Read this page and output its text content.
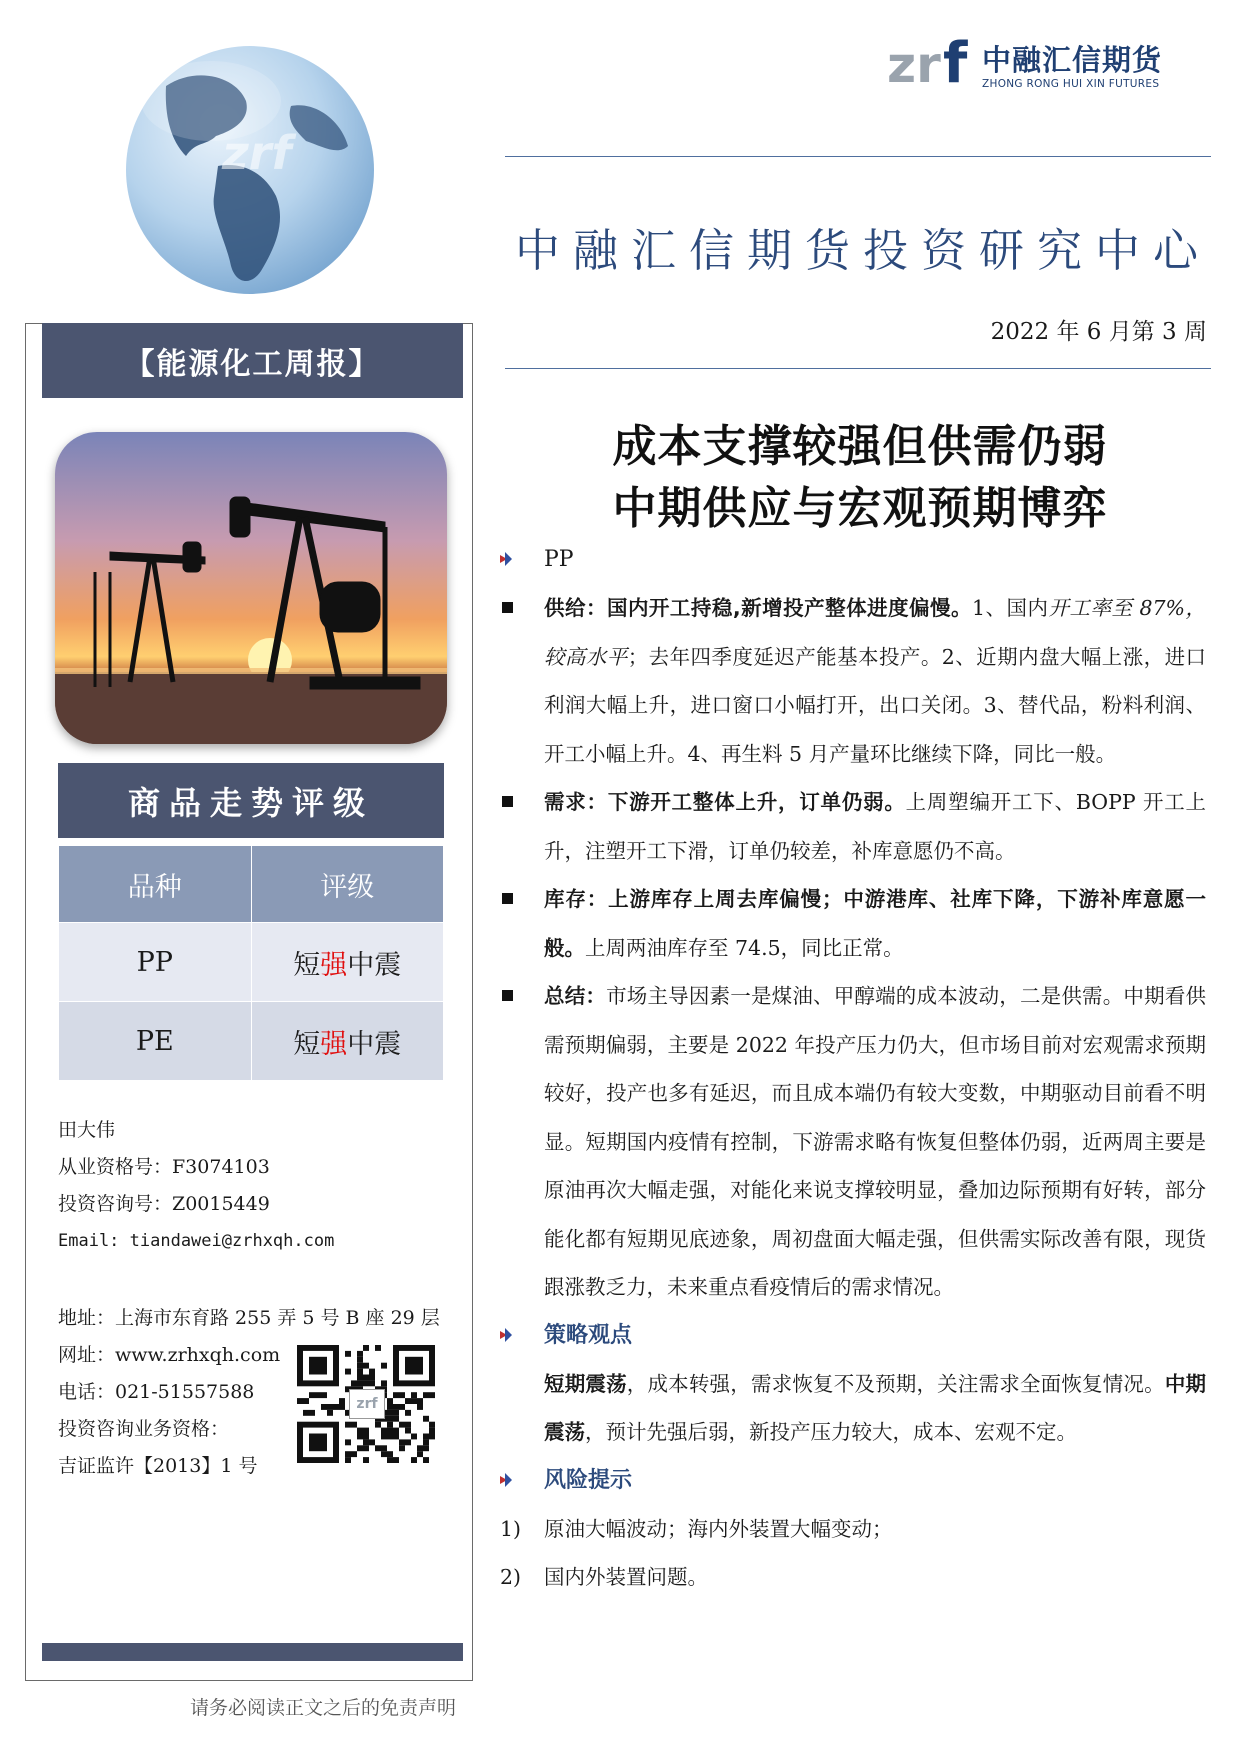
zrf
zr f 中融汇信期货
ZHONG RONG HUI XIN FUTURES
中融汇信期货投资研究中心
2022 年 6 月第 3 周
成本支撑较强但供需仍弱
中期供应与宏观预期博弈
【能源化工周报】
商品走势评级
品种	评级
PP	短强中震
PE	短强中震
田大伟
从业资格号：F3074103
投资咨询号：Z0015449
Email: tiandawei@zrhxqh.com
地址：上海市东育路 255 弄 5 号 B 座 29 层
网址：www.zrhxqh.com
电话：021-51557588
投资咨询业务资格：
吉证监许【2013】1 号
zrf
请务必阅读正文之后的免责声明
PP
供给：国内开工持稳,新增投产整体进度偏慢。1、国内开工率至 87%，较高水平；去年四季度延迟产能基本投产。2、近期内盘大幅上涨，进口利润大幅上升，进口窗口小幅打开，出口关闭。3、替代品，粉料利润、开工小幅上升。4、再生料 5 月产量环比继续下降，同比一般。
需求：下游开工整体上升，订单仍弱。上周塑编开工下、BOPP 开工上升，注塑开工下滑，订单仍较差，补库意愿仍不高。
库存：上游库存上周去库偏慢；中游港库、社库下降，下游补库意愿一般。上周两油库存至 74.5，同比正常。
总结：市场主导因素一是煤油、甲醇端的成本波动，二是供需。中期看供需预期偏弱，主要是 2022 年投产压力仍大，但市场目前对宏观需求预期较好，投产也多有延迟，而且成本端仍有较大变数，中期驱动目前看不明显。短期国内疫情有控制，下游需求略有恢复但整体仍弱，近两周主要是原油再次大幅走强，对能化来说支撑较明显，叠加边际预期有好转，部分能化都有短期见底迹象，周初盘面大幅走强，但供需实际改善有限，现货跟涨教乏力，未来重点看疫情后的需求情况。
策略观点
短期震荡，成本转强，需求恢复不及预期，关注需求全面恢复情况。中期震荡，预计先强后弱，新投产压力较大，成本、宏观不定。
风险提示
1) 原油大幅波动；海内外装置大幅变动；
2) 国内外装置问题。
